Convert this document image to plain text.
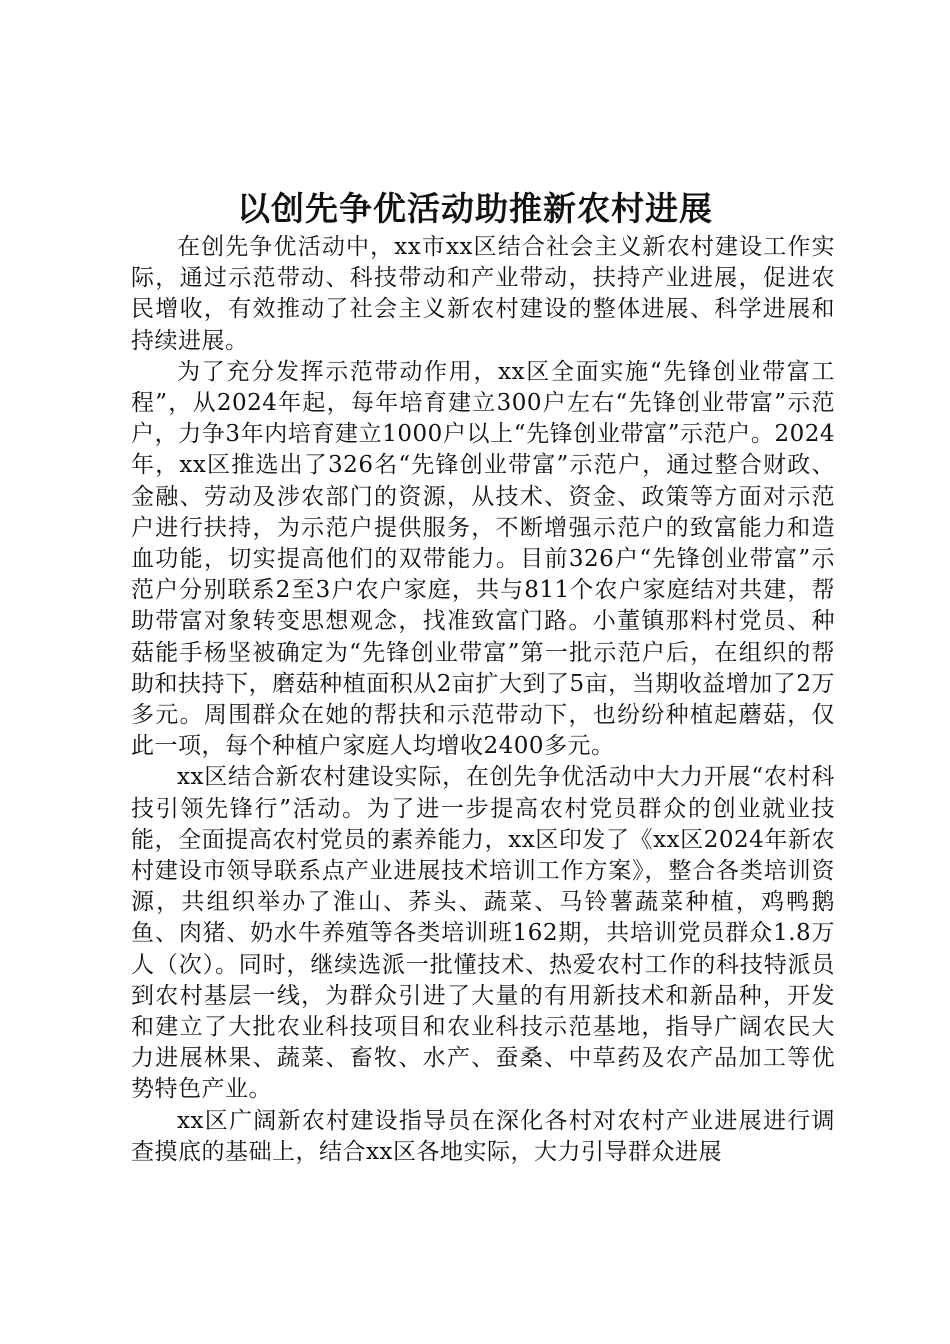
以创先争优活动助推新农村进展

在创先争优活动中，xx市xx区结合社会主义新农村建设工作实际，通过示范带动、科技带动和产业带动，扶持产业进展，促进农民增收，有效推动了社会主义新农村建设的整体进展、科学进展和持续进展。

为了充分发挥示范带动作用，xx区全面实施“先锋创业带富工程”，从2024年起，每年培育建立300户左右“先锋创业带富”示范户，力争3年内培育建立1000户以上“先锋创业带富”示范户。2024年，xx区推选出了326名“先锋创业带富”示范户，通过整合财政、金融、劳动及涉农部门的资源，从技术、资金、政策等方面对示范户进行扶持，为示范户提供服务，不断增强示范户的致富能力和造血功能，切实提高他们的双带能力。目前326户“先锋创业带富”示范户分别联系2至3户农户家庭，共与811个农户家庭结对共建，帮助带富对象转变思想观念，找准致富门路。小董镇那料村党员、种菇能手杨坚被确定为“先锋创业带富”第一批示范户后，在组织的帮助和扶持下，磨菇种植面积从2亩扩大到了5亩，当期收益增加了2万多元。周围群众在她的帮扶和示范带动下，也纷纷种植起蘑菇，仅此一项，每个种植户家庭人均增收2400多元。

xx区结合新农村建设实际，在创先争优活动中大力开展“农村科技引领先锋行”活动。为了进一步提高农村党员群众的创业就业技能，全面提高农村党员的素养能力，xx区印发了《xx区2024年新农村建设市领导联系点产业进展技术培训工作方案》，整合各类培训资源，共组织举办了淮山、荞头、蔬菜、马铃薯蔬菜种植，鸡鸭鹅鱼、肉猪、奶水牛养殖等各类培训班162期，共培训党员群众1.8万人（次）。同时，继续选派一批懂技术、热爱农村工作的科技特派员到农村基层一线，为群众引进了大量的有用新技术和新品种，开发和建立了大批农业科技项目和农业科技示范基地，指导广阔农民大力进展林果、蔬菜、畜牧、水产、蚕桑、中草药及农产品加工等优势特色产业。

xx区广阔新农村建设指导员在深化各村对农村产业进展进行调查摸底的基础上，结合xx区各地实际，大力引导群众进展
